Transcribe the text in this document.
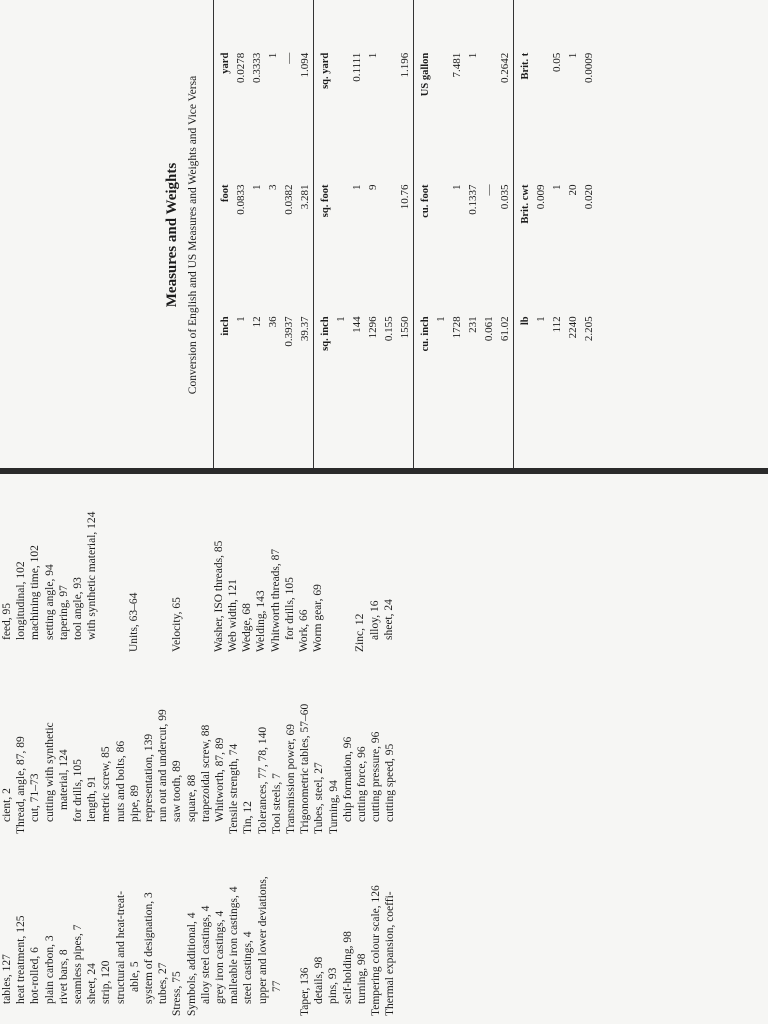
Measures and Weights Conversion of English and US Measures and Weights and Vice Versa
	inch	foot	yard		
	1	0.0833	0.0278		
	12	1	0.3333		
	36	3	1		
	0.3937	0.0382	—		
	39.37	3.281	1.094		
	sq. inch	sq. foot	sq. yard		
	1				
	144	1	0.1111		
	1296	9	1		
	0.155				
	1550	10.76	1.196		
	cu. inch	cu. foot	US gallon		
	1				
	1728	1	7.481		
	231	0.1337	1		
	0.061	—			
	61.02	0.035	0.2642		
	lb	Brit. cwt	Brit. t	
	1	0.009		
	112	1	0.05	
	2240	20	1	
	2.205	0.020	0.0009	
tables, 127 heat treatment, 125 hot-rolled, 6 plain carbon, 3 rivet bars, 8 seamless pipes, 7 sheet, 24 strip, 120 structural and heat-treat- able, 5 system of designation, 3 tubes, 27 Stress, 75 Symbols, additional, 4 alloy steel castings, 4 grey iron castings, 4 malleable iron castings, 4 steel castings, 4 upper and lower deviations, 77 Taper, 136 details, 98 pins, 93 self-holding, 98 turning, 98 Tempering colour scale, 126 Thermal expansion, coeffi-
cient, 2 Thread, angle, 87, 89 cut, 71–73 cutting with synthetic material, 124 for drills, 105 length, 91 metric screw, 85 nuts and bolts, 86 pipe, 89 representation, 139 run out and undercut, 99 saw tooth, 89 square, 88 trapezoidal screw, 88 Whitworth, 87, 89 Tensile strength, 74 Tin, 12 Tolerances, 77, 78, 140 Tool steels, 7 Transmission power, 69 Trigonometric tables, 57–60 Tubes, steel, 27 Turning, 94 chip formation, 96 cutting force, 96 cutting pressure, 96 cutting speed, 95
feed, 95 longitudinal, 102 machining time, 102 setting angle, 94 tapering, 97 tool angle, 93 with synthetic material, 124	Units, 63–64	Velocity, 65	Washer, ISO threads, 85 Web width, 121 Wedge, 68 Welding, 143 Whitworth threads, 87 for drills, 105 Work, 66 Worm gear, 69	Zinc, 12 alloy, 16 sheet, 24
